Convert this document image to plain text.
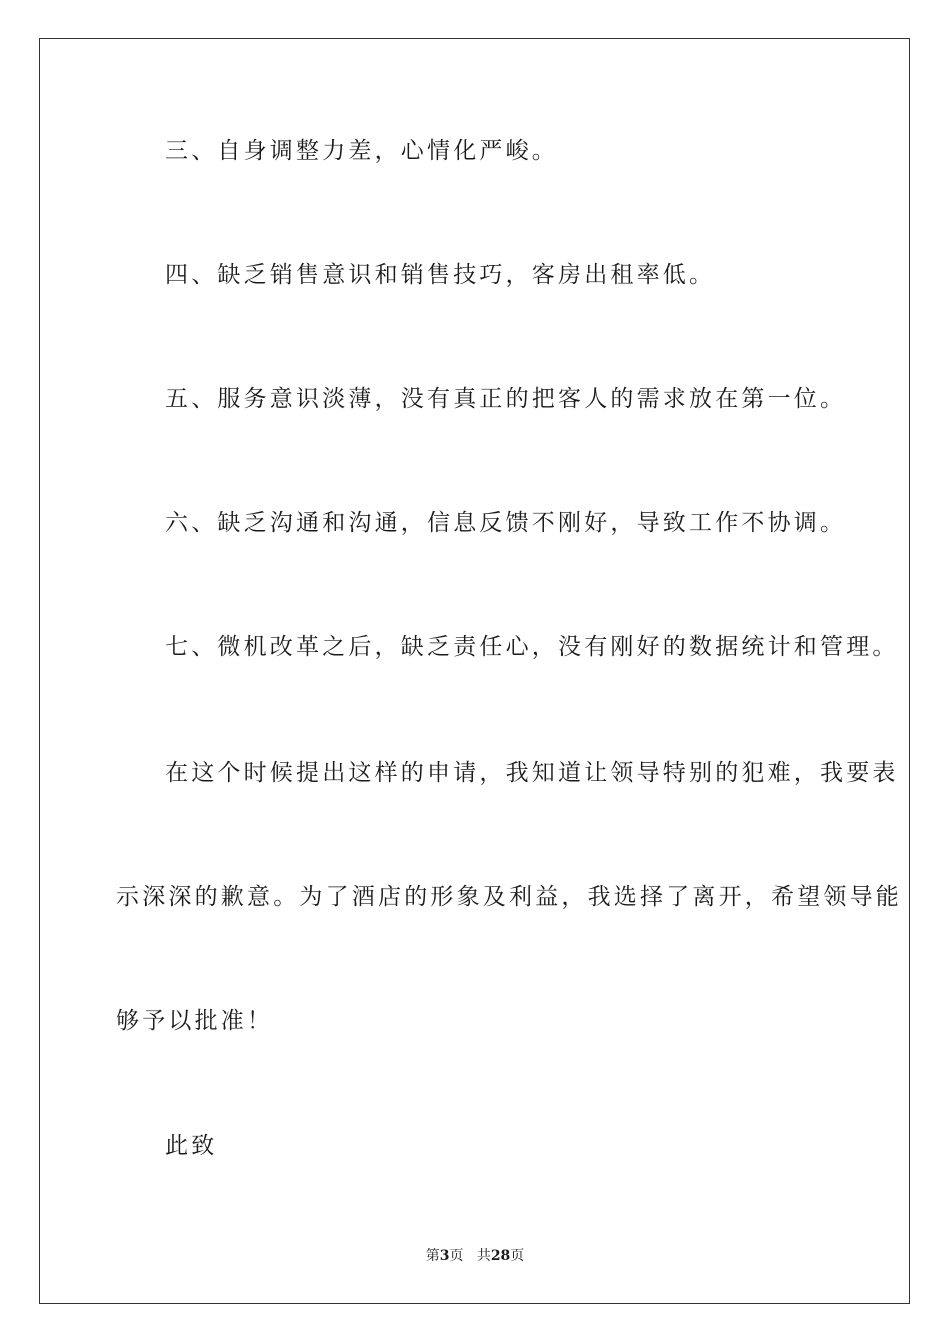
三、自身调整力差，心情化严峻。
四、缺乏销售意识和销售技巧，客房出租率低。
五、服务意识淡薄，没有真正的把客人的需求放在第一位。
六、缺乏沟通和沟通，信息反馈不刚好，导致工作不协调。
七、微机改革之后，缺乏责任心，没有刚好的数据统计和管理。
在这个时候提出这样的申请，我知道让领导特别的犯难，我要表
示深深的歉意。为了酒店的形象及利益，我选择了离开，希望领导能
够予以批准！
此致
第3页 共28页
